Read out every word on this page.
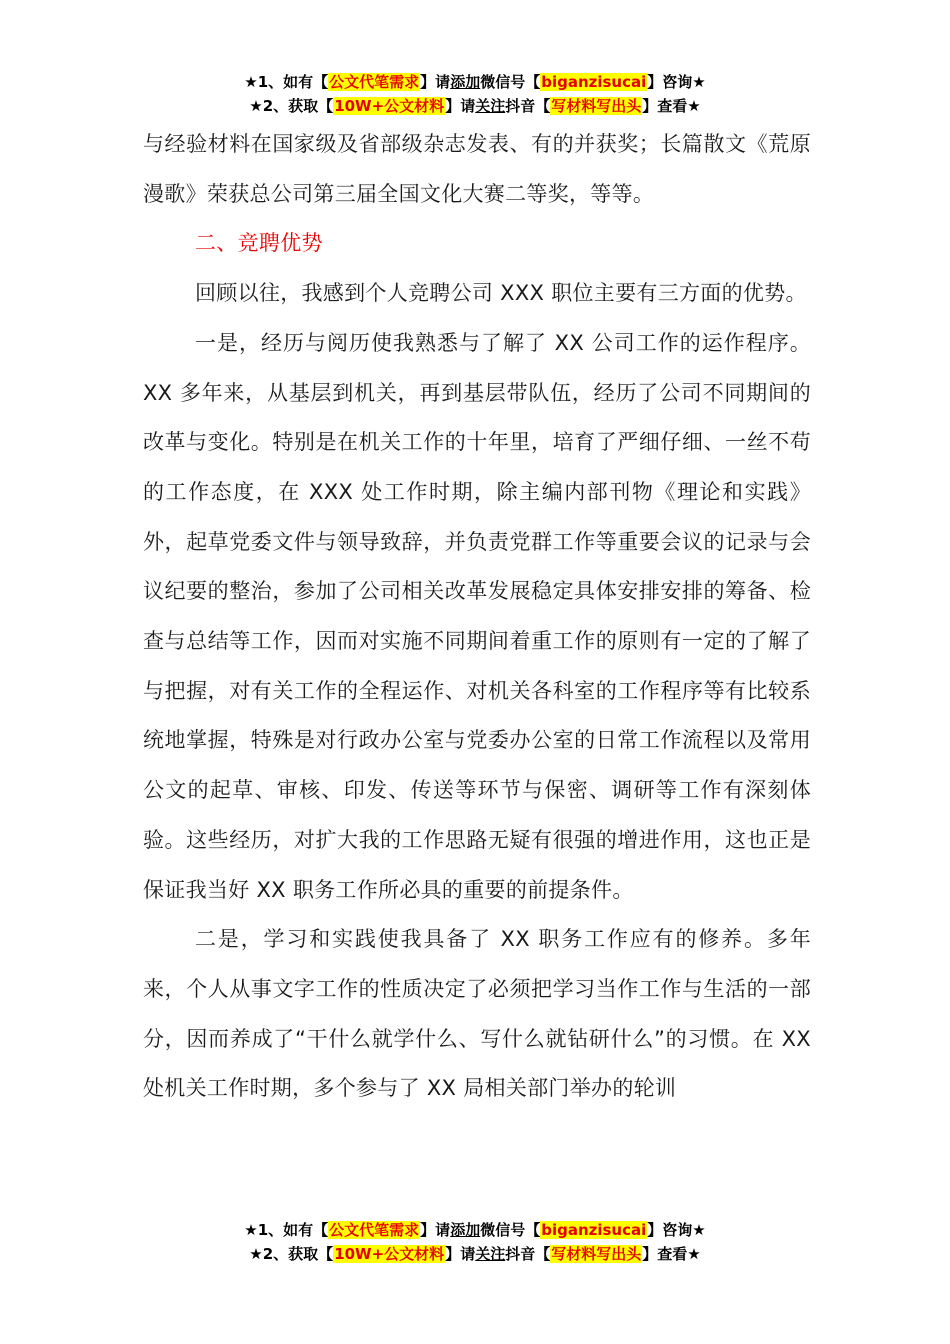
★1、如有【公文代笔需求】请添加微信号【biganzisucai】咨询★
★2、获取【10W+公文材料】请关注抖音【写材料写出头】查看★

与经验材料在国家级及省部级杂志发表、有的并获奖；长篇散文《荒原漫歌》荣获总公司第三届全国文化大赛二等奖，等等。

二、竞聘优势

回顾以往，我感到个人竞聘公司 XXX 职位主要有三方面的优势。

一是，经历与阅历使我熟悉与了解了 XX 公司工作的运作程序。XX 多年来，从基层到机关，再到基层带队伍，经历了公司不同期间的改革与变化。特别是在机关工作的十年里，培育了严细仔细、一丝不苟的工作态度，在 XXX 处工作时期，除主编内部刊物《理论和实践》外，起草党委文件与领导致辞，并负责党群工作等重要会议的记录与会议纪要的整治，参加了公司相关改革发展稳定具体安排安排的筹备、检查与总结等工作，因而对实施不同期间着重工作的原则有一定的了解了与把握，对有关工作的全程运作、对机关各科室的工作程序等有比较系统地掌握，特殊是对行政办公室与党委办公室的日常工作流程以及常用公文的起草、审核、印发、传送等环节与保密、调研等工作有深刻体验。这些经历，对扩大我的工作思路无疑有很强的增进作用，这也正是保证我当好 XX 职务工作所必具的重要的前提条件。

二是，学习和实践使我具备了 XX 职务工作应有的修养。多年来，个人从事文字工作的性质决定了必须把学习当作工作与生活的一部分，因而养成了“干什么就学什么、写什么就钻研什么”的习惯。在 XX 处机关工作时期，多个参与了 XX 局相关部门举办的轮训

★1、如有【公文代笔需求】请添加微信号【biganzisucai】咨询★
★2、获取【10W+公文材料】请关注抖音【写材料写出头】查看★
